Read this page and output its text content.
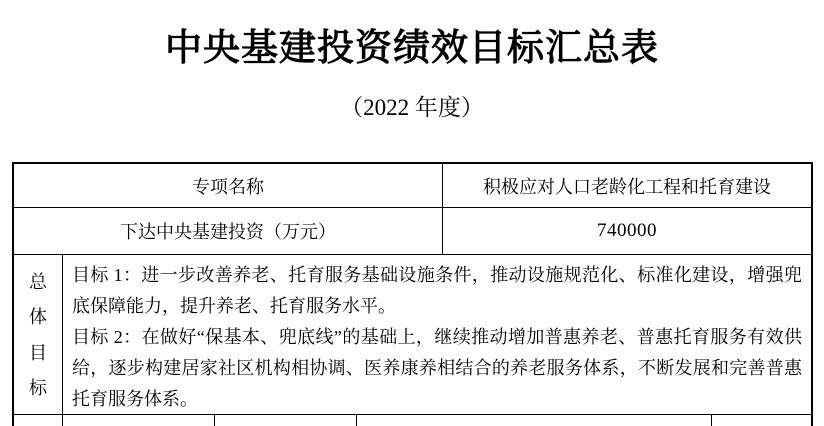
中央基建投资绩效目标汇总表
（2022 年度）
专项名称	积极应对人口老龄化工程和托育建设
下达中央基建投资（万元）	740000
总
体
目
标

目标 1：进一步改善养老、托育服务基础设施条件，推动设施规范化、标准化建设，增强兜底保障能力，提升养老、托育服务水平。

目标 2：在做好“保基本、兜底线”的基础上，继续推动增加普惠养老、普惠托育服务有效供给，逐步构建居家社区机构相协调、医养康养相结合的养老服务体系，不断发展和完善普惠托育服务体系。
